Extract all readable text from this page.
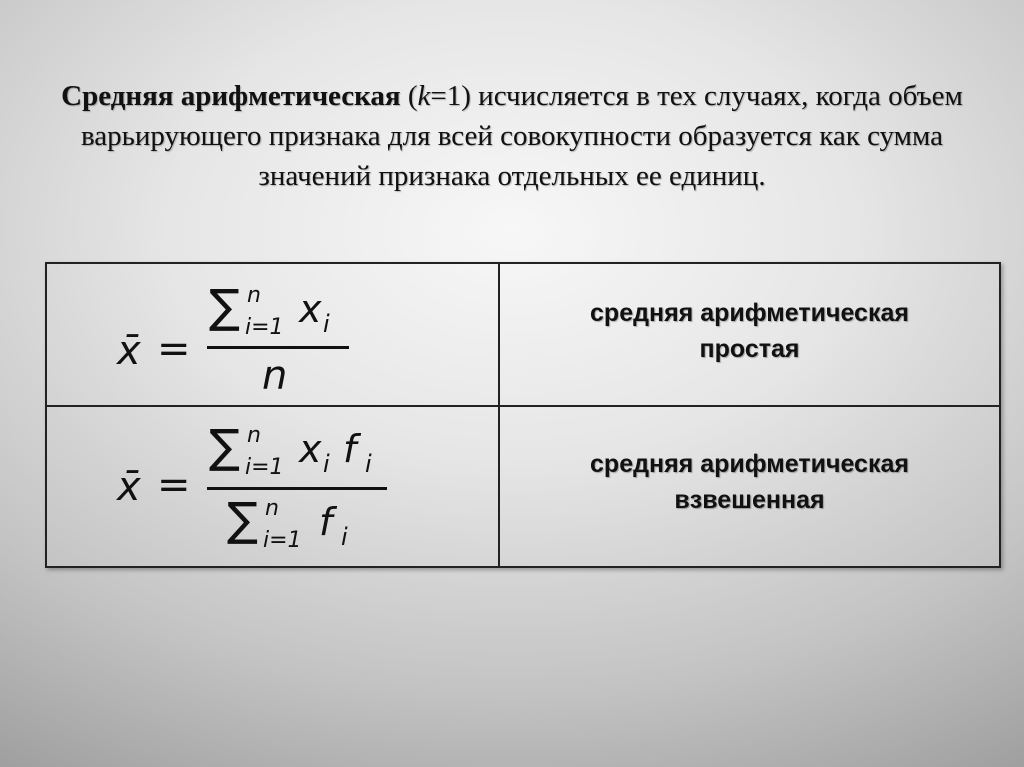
Средняя арифметическая (k=1) исчисляется в тех случаях, когда объем варьирующего признака для всей совокупности образуется как сумма значений признака отдельных ее единиц.
x̄ =
∑ n
i=1 x i
n
средняя арифметическая
простая
x̄ =
∑ n
i=1 x i f i
∑ n
i=1 f i
средняя арифметическая
взвешенная
